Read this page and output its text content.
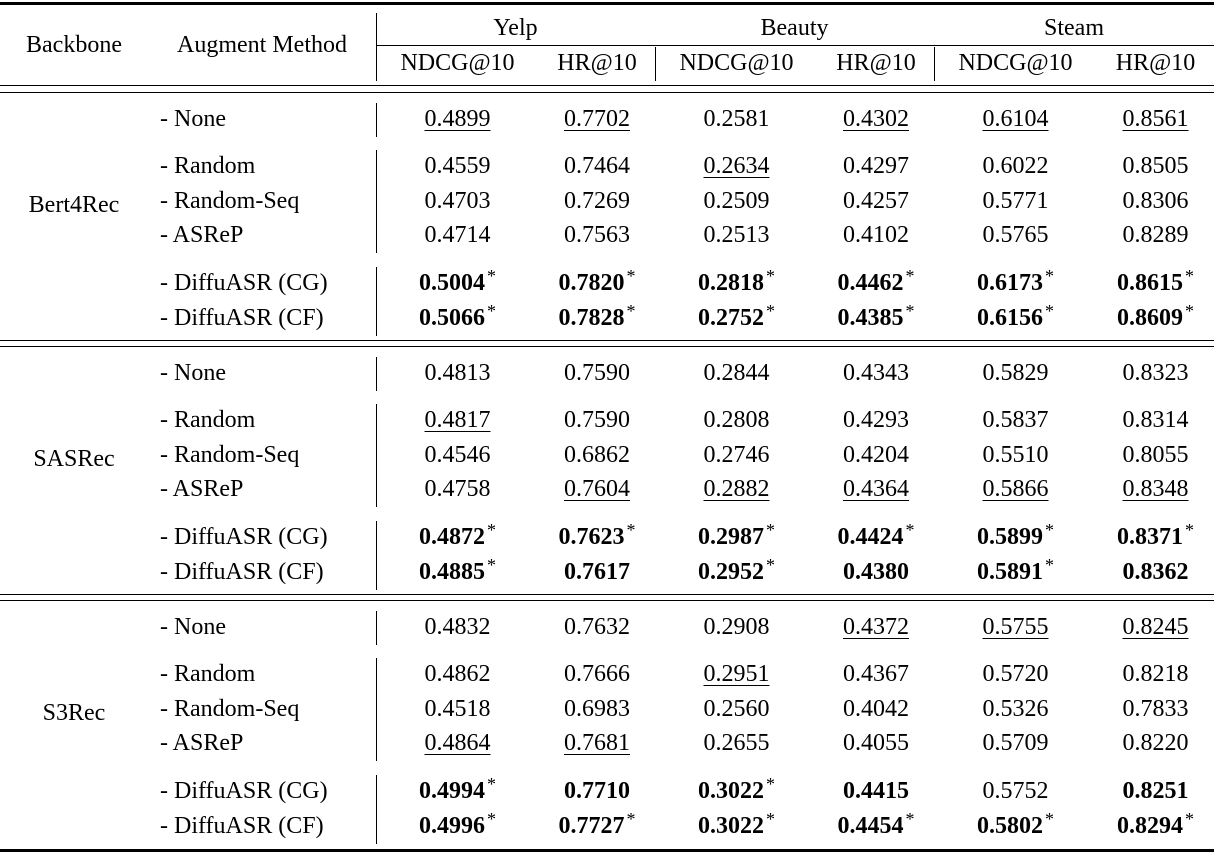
Backbone	Augment Method
Yelp	Beauty	Steam
NDCG@10	HR@10	NDCG@10	HR@10	NDCG@10	HR@10
Bert4Rec
- None	0.4899	0.7702	0.2581	0.4302	0.6104	0.8561
- Random	0.4559	0.7464	0.2634	0.4297	0.6022	0.8505
- Random-Seq	0.4703	0.7269	0.2509	0.4257	0.5771	0.8306
- ASReP	0.4714	0.7563	0.2513	0.4102	0.5765	0.8289
- DiffuASR (CG)	0.5004 *	0.7820 *	0.2818 *	0.4462 *	0.6173 *	0.8615 *
- DiffuASR (CF)	0.5066 *	0.7828 *	0.2752 *	0.4385 *	0.6156 *	0.8609 *
SASRec
- None	0.4813	0.7590	0.2844	0.4343	0.5829	0.8323
- Random	0.4817	0.7590	0.2808	0.4293	0.5837	0.8314
- Random-Seq	0.4546	0.6862	0.2746	0.4204	0.5510	0.8055
- ASReP	0.4758	0.7604	0.2882	0.4364	0.5866	0.8348
- DiffuASR (CG)	0.4872 *	0.7623 *	0.2987 *	0.4424 *	0.5899 *	0.8371 *
- DiffuASR (CF)	0.4885 *	0.7617	0.2952 *	0.4380	0.5891 *	0.8362
S3Rec
- None	0.4832	0.7632	0.2908	0.4372	0.5755	0.8245
- Random	0.4862	0.7666	0.2951	0.4367	0.5720	0.8218
- Random-Seq	0.4518	0.6983	0.2560	0.4042	0.5326	0.7833
- ASReP	0.4864	0.7681	0.2655	0.4055	0.5709	0.8220
- DiffuASR (CG)	0.4994 *	0.7710	0.3022 *	0.4415	0.5752	0.8251
- DiffuASR (CF)	0.4996 *	0.7727 *	0.3022 *	0.4454 *	0.5802 *	0.8294 *
